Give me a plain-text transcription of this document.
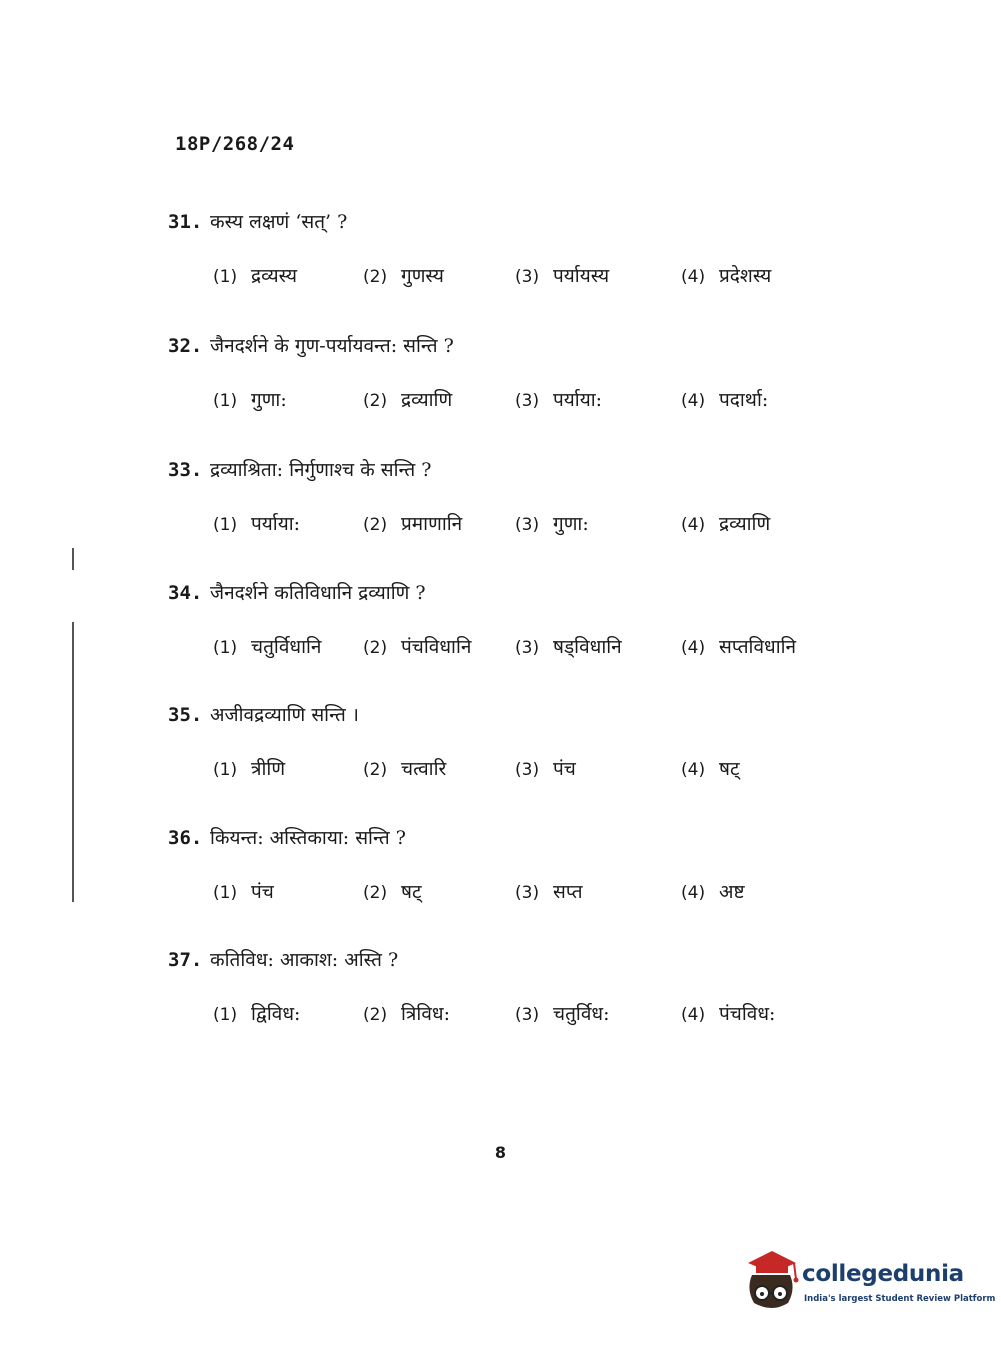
18P/268/24
31. कस्य लक्षणं ‘सत्’ ?
(1) द्रव्यस्य	(2) गुणस्य	(3) पर्यायस्य	(4) प्रदेशस्य
32. जैनदर्शने के गुण-पर्यायवन्त: सन्ति ?
(1) गुणा:	(2) द्रव्याणि	(3) पर्याया:	(4) पदार्था:
33. द्रव्याश्रिता: निर्गुणाश्च के सन्ति ?
(1) पर्याया:	(2) प्रमाणानि	(3) गुणा:	(4) द्रव्याणि
34. जैनदर्शने कतिविधानि द्रव्याणि ?
(1) चतुर्विधानि (2) पंचविधानि	(3) षड्विधानि	(4) सप्तविधानि
35. अजीवद्रव्याणि सन्ति ।
(1) त्रीणि	(2) चत्वारि	(3) पंच	(4) षट्
36. कियन्त: अस्तिकाया: सन्ति ?
(1) पंच	(2) षट्	(3) सप्त	(4) अष्ट
37. कतिविध: आकाश: अस्ति ?
(1) द्विविध:	(2) त्रिविध:	(3) चतुर्विध:	(4) पंचविध:
8
collegedunia
India's largest Student Review Platform
